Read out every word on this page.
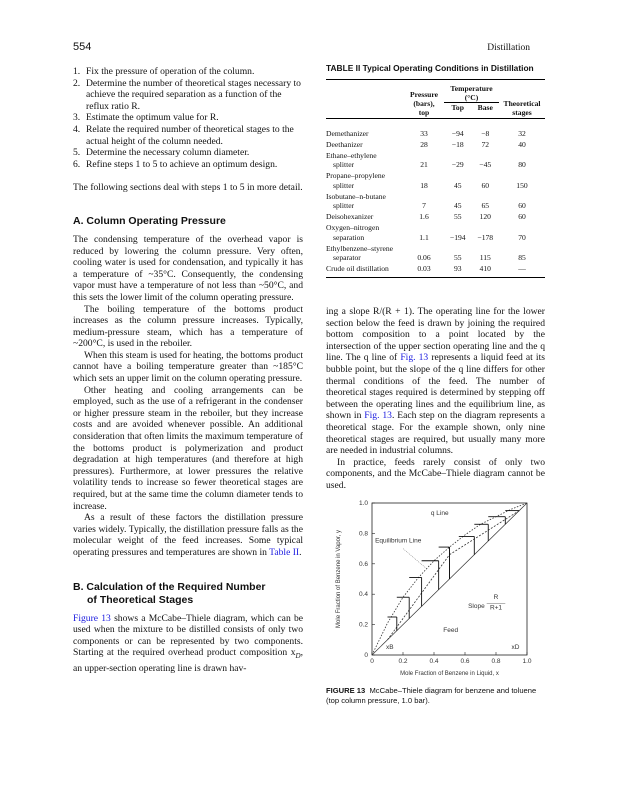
554	Distillation
1. Fix the pressure of operation of the column.
2. Determine the number of theoretical stages necessary to achieve the required separation as a function of the reflux ratio R.
3. Estimate the optimum value for R.
4. Relate the required number of theoretical stages to the actual height of the column needed.
5. Determine the necessary column diameter.
6. Refine steps 1 to 5 to achieve an optimum design.

The following sections deal with steps 1 to 5 in more detail.

A. Column Operating Pressure

The condensing temperature of the overhead vapor is reduced by lowering the column pressure. Very often, cooling water is used for condensation, and typically it has a temperature of ~35°C. Consequently, the condensing vapor must have a temperature of not less than ~50°C, and this sets the lower limit of the column operating pressure.

The boiling temperature of the bottoms product increases as the column pressure increases. Typically, medium-pressure steam, which has a temperature of ~200°C, is used in the reboiler.

When this steam is used for heating, the bottoms product cannot have a boiling temperature greater than ~185°C which sets an upper limit on the column operating pressure.

Other heating and cooling arrangements can be employed, such as the use of a refrigerant in the condenser or higher pressure steam in the reboiler, but they increase costs and are avoided whenever possible. An additional consideration that often limits the maximum temperature of the bottoms product is polymerization and product degradation at high temperatures (and therefore at high pressures). Furthermore, at lower pressures the relative volatility tends to increase so fewer theoretical stages are required, but at the same time the column diameter tends to increase.

As a result of these factors the distillation pressure varies widely. Typically, the distillation pressure falls as the molecular weight of the feed increases. Some typical operating pressures and temperatures are shown in Table II.

B. Calculation of the Required Number
of Theoretical Stages

Figure 13 shows a McCabe–Thiele diagram, which can be used when the mixture to be distilled consists of only two components or can be represented by two components. Starting at the required overhead product composition $x_D$, an upper-section operating line is drawn hav-

TABLE II Typical Operating Conditions in Distillation

Pressure
(bars),
top

Temperature
(°C)

Theoretical
stages

		Top	Base	

Demethanizer	33	−94	−8	32

Deethanizer	28	−18	72	40

Ethane–ethylene
splitter	21	−29	−45	80

Propane–propylene
splitter	18	45	60	150

Isobutane–n-butane
splitter	7	45	65	60

Deisohexanizer	1.6	55	120	60

Oxygen–nitrogen
separation	1.1	−194	−178	70

Ethylbenzene–styrene
separator	0.06	55	115	85

Crude oil distillation	0.03	93	410	—

ing a slope R/(R + 1). The operating line for the lower section below the feed is drawn by joining the required bottom composition to a point located by the intersection of the upper section operating line and the q line. The q line of Fig. 13 represents a liquid feed at its bubble point, but the slope of the q line differs for other thermal conditions of the feed. The number of theoretical stages required is determined by stepping off between the operating lines and the equilibrium line, as shown in Fig. 13. Each step on the diagram represents a theoretical stage. For the example shown, only nine theoretical stages are required, but usually many more are needed in industrial columns.

In practice, feeds rarely consist of only two components, and the McCabe–Thiele diagram cannot be used.

0	0.2	0.4	0.6	0.8	1.0
0
0.2
0.4
0.6
0.8
1.0
Mole Fraction of Benzene in Liquid, x
Mole Fraction of Benzene in Vapor, y
q Line
Equilibrium Line
Slope
R
R+1
Feed
xB	xD
FIGURE 13 McCabe–Thiele diagram for benzene and toluene (top column pressure, 1.0 bar).
